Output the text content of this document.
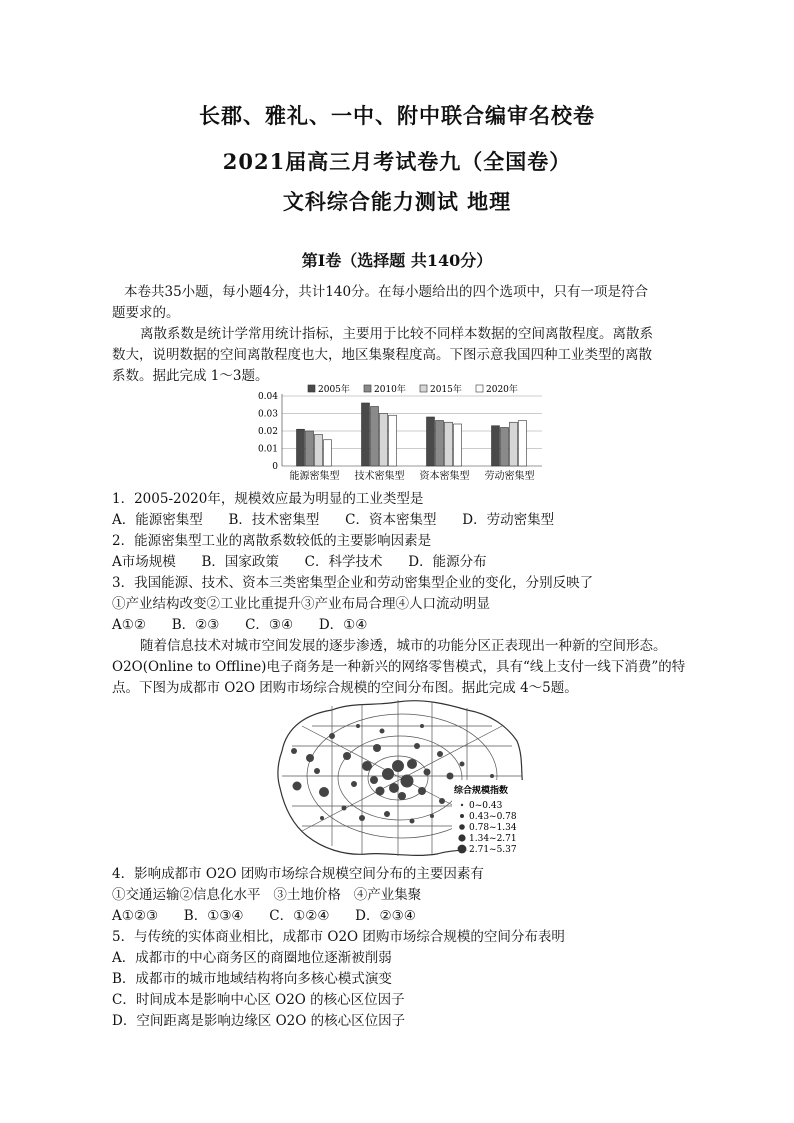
长郡、雅礼、一中、附中联合编审名校卷
2021届高三月考试卷九（全国卷）
文科综合能力测试 地理
第Ⅰ卷（选择题 共140分）
本卷共35小题，每小题4分，共计140分。在每小题给出的四个选项中，只有一项是符合
题要求的。
离散系数是统计学常用统计指标，主要用于比较不同样本数据的空间离散程度。离散系
数大，说明数据的空间离散程度也大，地区集聚程度高。下图示意我国四种工业类型的离散
系数。据此完成 1～3题。
2005年	2010年	2015年	2020年
0
0.01
0.02
0.03
0.04
能源密集型 技术密集型 资本密集型 劳动密集型
1．2005-2020年，规模效应最为明显的工业类型是
A．能源密集型      B．技术密集型      C．资本密集型      D．劳动密集型
2．能源密集型工业的离散系数较低的主要影响因素是
A市场规模      B．国家政策      C．科学技术      D．能源分布
3．我国能源、技术、资本三类密集型企业和劳动密集型企业的变化，分别反映了
①产业结构改变②工业比重提升③产业布局合理④人口流动明显
A①②      B．②③      C．③④      D．①④
随着信息技术对城市空间发展的逐步渗透，城市的功能分区正表现出一种新的空间形态。
O2O(Online to Offline)电子商务是一种新兴的网络零售模式，具有“线上支付一线下消费”的特
点。下图为成都市 O2O 团购市场综合规模的空间分布图。据此完成 4～5题。
综合规模指数
0~0.43
0.43~0.78
0.78~1.34
1.34~2.71
2.71~5.37
4．影响成都市 O2O 团购市场综合规模空间分布的主要因素有
①交通运输②信息化水平   ③土地价格   ④产业集聚
A①②③      B．①③④      C．①②④      D．②③④
5．与传统的实体商业相比，成都市 O2O 团购市场综合规模的空间分布表明
A．成都市的中心商务区的商圈地位逐渐被削弱
B．成都市的城市地域结构将向多核心模式演变
C．时间成本是影响中心区 O2O 的核心区位因子
D．空间距离是影响边缘区 O2O 的核心区位因子
